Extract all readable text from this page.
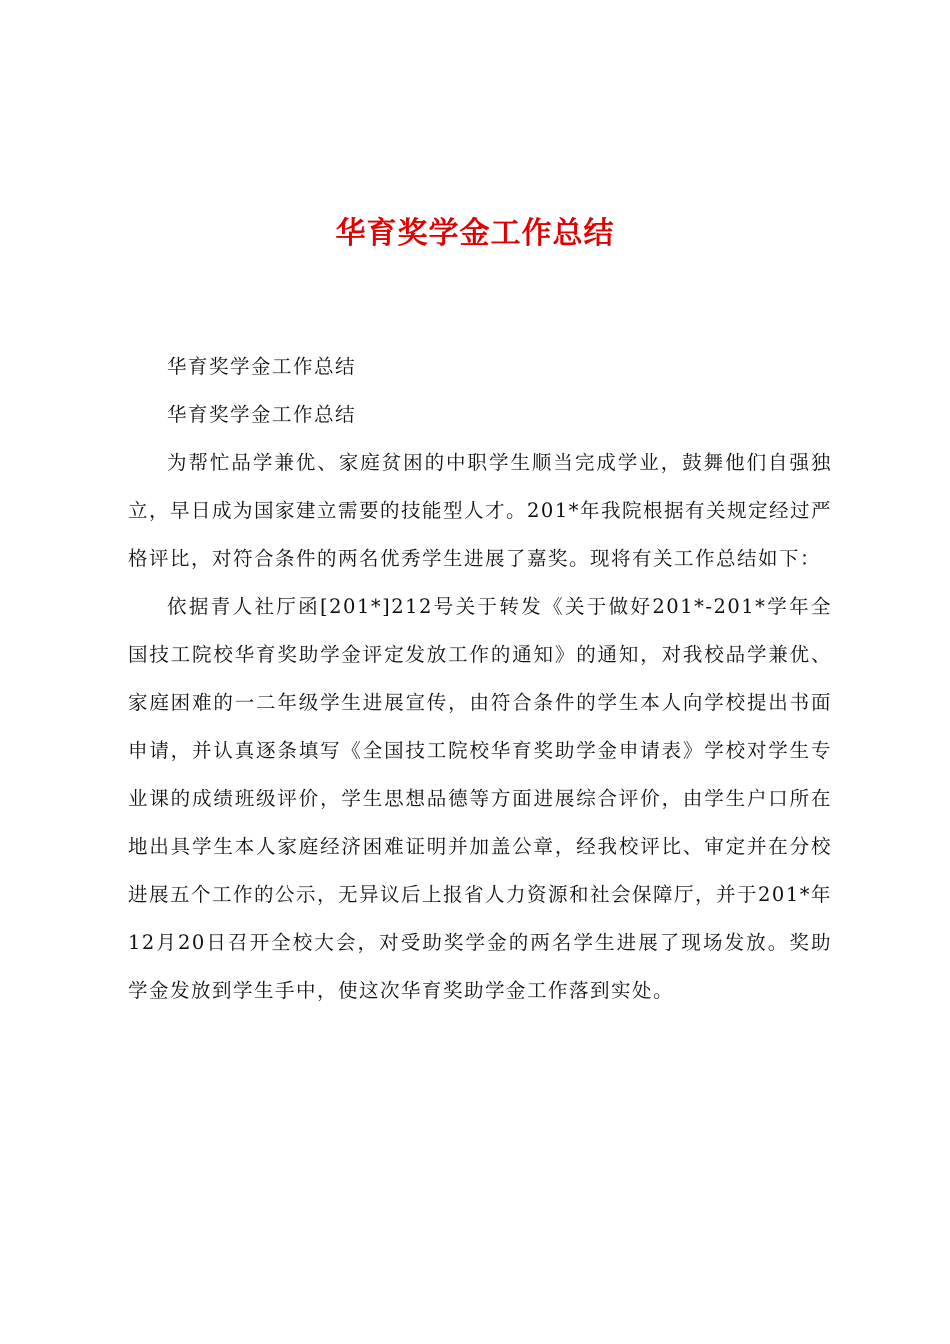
华育奖学金工作总结

华育奖学金工作总结

华育奖学金工作总结

为帮忙品学兼优、家庭贫困的中职学生顺当完成学业，鼓舞他们自强独立，早日成为国家建立需要的技能型人才。201*年我院根据有关规定经过严格评比，对符合条件的两名优秀学生进展了嘉奖。现将有关工作总结如下：

依据青人社厅函[201*]212号关于转发《关于做好201*-201*学年全国技工院校华育奖助学金评定发放工作的通知》的通知，对我校品学兼优、家庭困难的一二年级学生进展宣传，由符合条件的学生本人向学校提出书面申请，并认真逐条填写《全国技工院校华育奖助学金申请表》学校对学生专业课的成绩班级评价，学生思想品德等方面进展综合评价，由学生户口所在地出具学生本人家庭经济困难证明并加盖公章，经我校评比、审定并在分校进展五个工作的公示，无异议后上报省人力资源和社会保障厅，并于201*年12月20日召开全校大会，对受助奖学金的两名学生进展了现场发放。奖助学金发放到学生手中，使这次华育奖助学金工作落到实处。
